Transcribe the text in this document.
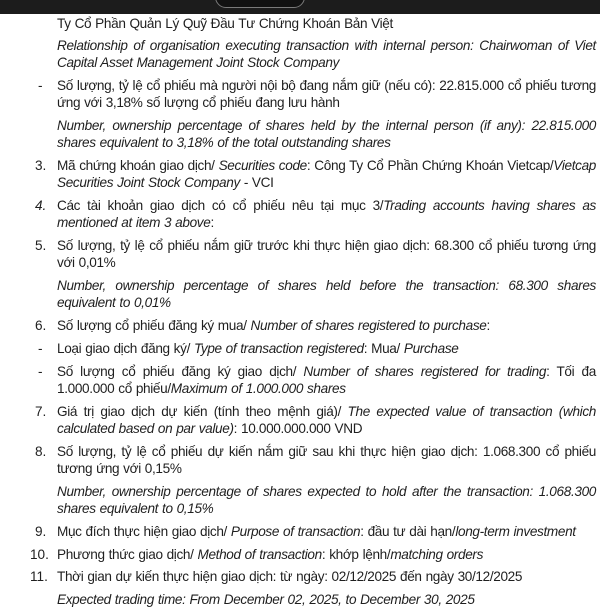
Ty Cổ Phần Quản Lý Quỹ Đầu Tư Chứng Khoán Bản Việt
Relationship of organisation executing transaction with internal person: Chairwoman of Viet Capital Asset Management Joint Stock Company
- Số lượng, tỷ lệ cổ phiếu mà người nội bộ đang nắm giữ (nếu có): 22.815.000 cổ phiếu tương ứng với 3,18% số lượng cổ phiếu đang lưu hành
Number, ownership percentage of shares held by the internal person (if any): 22.815.000 shares equivalent to 3,18% of the total outstanding shares
3. Mã chứng khoán giao dịch/ Securities code: Công Ty Cổ Phần Chứng Khoán Vietcap/Vietcap Securities Joint Stock Company - VCI
4. Các tài khoản giao dịch có cổ phiếu nêu tại mục 3/Trading accounts having shares as mentioned at item 3 above:
5. Số lượng, tỷ lệ cổ phiếu nắm giữ trước khi thực hiện giao dịch: 68.300 cổ phiếu tương ứng với 0,01%
Number, ownership percentage of shares held before the transaction: 68.300 shares equivalent to 0,01%
6. Số lượng cổ phiếu đăng ký mua/ Number of shares registered to purchase:
- Loại giao dịch đăng ký/ Type of transaction registered: Mua/ Purchase
- Số lượng cổ phiếu đăng ký giao dịch/ Number of shares registered for trading: Tối đa 1.000.000 cổ phiếu/Maximum of 1.000.000 shares
7. Giá trị giao dịch dự kiến (tính theo mệnh giá)/ The expected value of transaction (which calculated based on par value): 10.000.000.000 VND
8. Số lượng, tỷ lệ cổ phiếu dự kiến nắm giữ sau khi thực hiện giao dịch: 1.068.300 cổ phiếu tương ứng với 0,15%
Number, ownership percentage of shares expected to hold after the transaction: 1.068.300 shares equivalent to 0,15%
9. Mục đích thực hiện giao dịch/ Purpose of transaction: đầu tư dài hạn/long-term investment
10. Phương thức giao dịch/ Method of transaction: khớp lệnh/matching orders
11. Thời gian dự kiến thực hiện giao dịch: từ ngày: 02/12/2025 đến ngày 30/12/2025
Expected trading time: From December 02, 2025, to December 30, 2025
